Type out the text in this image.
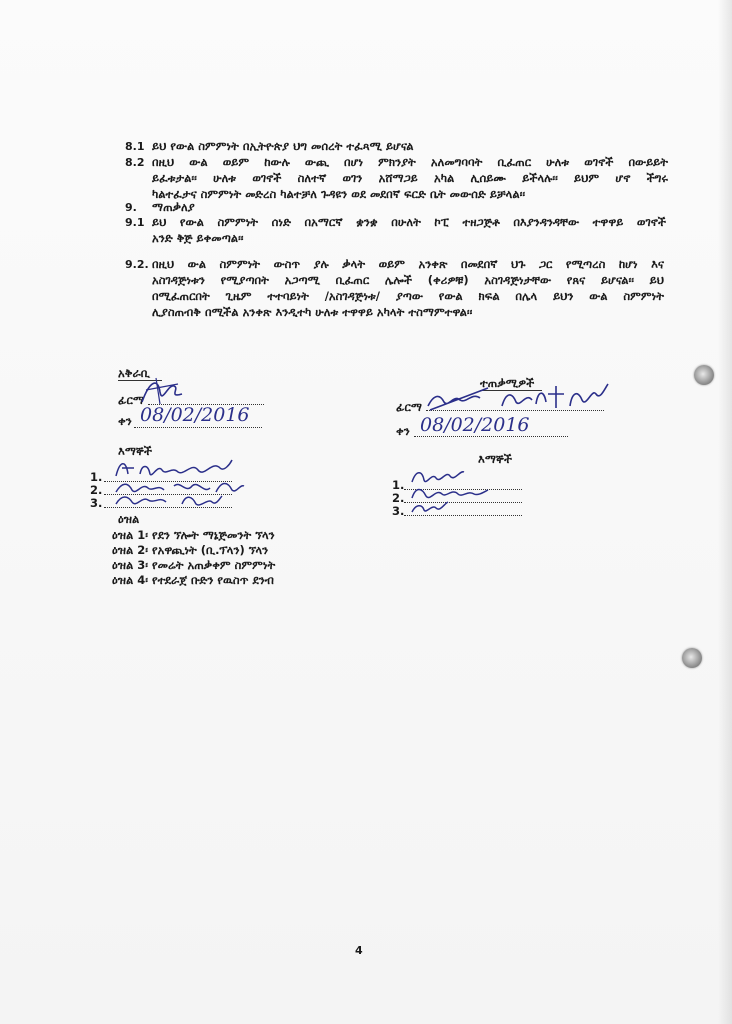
8.1 ይህ የውል ስምምነት በኢትዮጵያ ህግ መሰረት ተፈጻሚ ይሆናል
8.2 በዚህ ውል ወይም ከውሉ ውጪ በሆነ ምክንያት አለመግባባት ቢፈጠር ሁለቱ ወገኖች በውይይት
ይፈቱታል፡፡ ሁለቱ ወገኖች ስለተኛ ወገን አሸማጋይ አካል ሊሰይሙ ይችላሉ፡፡ ይህም ሆኖ ችግሩ
ካልተፈታና ስምምነት መድረስ ካልተቻለ ጉዳዩን ወደ መደበኛ ፍርድ ቤት መውሰድ ይቻላል፡፡
9. ማጠቃለያ
9.1 ይህ የውል ስምምነት ሰነድ በአማርኛ ቋንቋ በሁለት ኮፒ ተዘጋጅቶ በእያንዳንዳቸው ተዋዋይ ወገኖች
አንድ ቅጅ ይቀመጣል፡፡
9.2. በዚህ ውል ስምምነት ውስጥ ያሉ ቃላት ወይም አንቀጽ በመደበኛ ህጉ ጋር የሚጣረስ ከሆነ እና
አስገዳጅነቱን የሚያጣበት አጋጣሚ ቢፈጠር ሌሎች (ቀሪዎቹ) አስገዳጅነታቸው የጸና ይሆናል፡፡ ይህ
በሚፈጠርበት ጊዜም ተተባይነት /አስገዳጅነቱ/ ያጣው የውል ክፍል በሌላ ይህን ውል ስምምነት
ሊያስጠብቅ በሚችል አንቀጽ እንዲተካ ሁለቱ ተዋዋይ አካላት ተስማምተዋል፡፡
አቅራቢ
ፊርማ
ቀን 08/02/2016
እማኞች
1.
2.
3.
ዕዝል
ዕዝል 1፡ የደን ኘሎት ማኔጅመንት ኘላን
ዕዝል 2፡ የአዋጪነት (ቢ.ፕላን) ኘላን
ዕዝል 3፡ የመሬት አጠቃቀም ስምምነት
ዕዝል 4፡ የተደራጀ ቡድን የዉስጥ ደንብ
ተጠቃሚዎች
ፊርማ
ቀን 08/02/2016
እማኞች
1.
2.
3.
4
